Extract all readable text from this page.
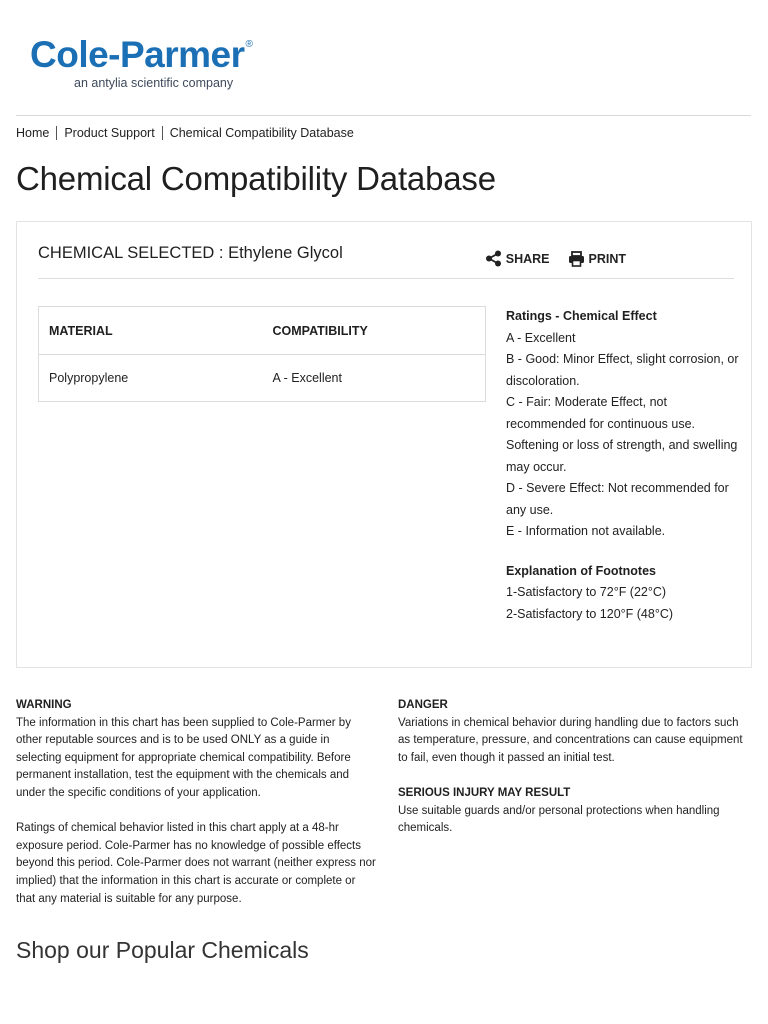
Cole-Parmer®
an antylia scientific company
Home Product Support Chemical Compatibility Database
Chemical Compatibility Database
CHEMICAL SELECTED : Ethylene Glycol	SHARE	PRINT
MATERIAL	COMPATIBILITY
Polypropylene	A - Excellent
Ratings - Chemical Effect
A - Excellent
B - Good: Minor Effect, slight corrosion, or discoloration.
C - Fair: Moderate Effect, not recommended for continuous use. Softening or loss of strength, and swelling may occur.
D - Severe Effect: Not recommended for any use.
E - Information not available.
Explanation of Footnotes
1-Satisfactory to 72°F (22°C)
2-Satisfactory to 120°F (48°C)
WARNING

The information in this chart has been supplied to Cole-Parmer by other reputable sources and is to be used ONLY as a guide in selecting equipment for appropriate chemical compatibility. Before permanent installation, test the equipment with the chemicals and under the specific conditions of your application.

Ratings of chemical behavior listed in this chart apply at a 48-hr exposure period. Cole-Parmer has no knowledge of possible effects beyond this period. Cole-Parmer does not warrant (neither express nor implied) that the information in this chart is accurate or complete or that any material is suitable for any purpose.

DANGER

Variations in chemical behavior during handling due to factors such as temperature, pressure, and concentrations can cause equipment to fail, even though it passed an initial test.

SERIOUS INJURY MAY RESULT

Use suitable guards and/or personal protections when handling chemicals.

Shop our Popular Chemicals
